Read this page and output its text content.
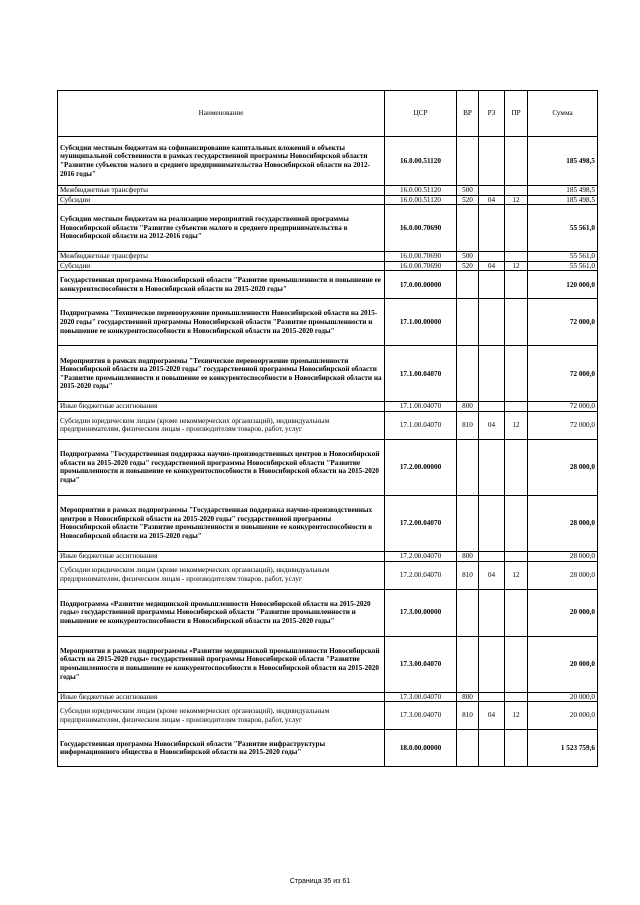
Наименование	ЦСР	ВР	РЗ	ПР	Сумма
Субсидии местным бюджетам на софинансирование капитальных вложений в объекты муниципальной собственности в рамках государственной программы Новосибирской области "Развитие субъектов малого и среднего предпринимательства Новосибирской области на 2012-2016 годы"	16.0.00.51120				185 498,5
Межбюджетные трансферты	16.0.00.51120	500			185 498,5
Субсидии	16.0.00.51120	520	04	12	185 498,5
Субсидии местным бюджетам на реализацию мероприятий государственной программы Новосибирской области "Развитие субъектов малого и среднего предпринимательства в Новосибирской области на 2012-2016 годы"	16.0.00.70690				55 561,0
Межбюджетные трансферты	16.0.00.70690	500			55 561,0
Субсидии	16.0.00.70690	520	04	12	55 561,0
Государственная программа Новосибирской области "Развитие промышленности и повышение ее конкурентоспособности в Новосибирской области на 2015-2020 годы"	17.0.00.00000				120 000,0
Подпрограмма "Техническое перевооружение промышленности Новосибирской области на 2015-2020 годы" государственной программы Новосибирской области "Развитие промышленности и повышение ее конкурентоспособности в Новосибирской области на 2015-2020 годы"	17.1.00.00000				72 000,0
Мероприятия в рамках подпрограммы "Техническое перевооружение промышленности Новосибирской области на 2015-2020 годы" государственной программы Новосибирской области "Развитие промышленности и повышение ее конкурентоспособности в Новосибирской области на 2015-2020 годы"	17.1.00.04070				72 000,0
Иные бюджетные ассигнования	17.1.00.04070	800			72 000,0
Субсидии юридическим лицам (кроме некоммерческих организаций), индивидуальным предпринимателям, физическим лицам - производителям товаров, работ, услуг	17.1.00.04070	810	04	12	72 000,0
Подпрограмма "Государственная поддержка научно-производственных центров в Новосибирской области на 2015-2020 годы" государственной программы Новосибирской области "Развитие промышленности и повышение ее конкурентоспособности в Новосибирской области на 2015-2020 годы"	17.2.00.00000				28 000,0
Мероприятия в рамках подпрограммы "Государственная поддержка научно-производственных центров в Новосибирской области на 2015-2020 годы" государственной программы Новосибирской области "Развитие промышленности и повышение ее конкурентоспособности в Новосибирской области на 2015-2020 годы"	17.2.00.04070				28 000,0
Иные бюджетные ассигнования	17.2.00.04070	800			28 000,0
Субсидии юридическим лицам (кроме некоммерческих организаций), индивидуальным предпринимателям, физическим лицам - производителям товаров, работ, услуг	17.2.00.04070	810	04	12	28 000,0
Подпрограмма «Развитие медицинской промышленности Новосибирской области на 2015-2020 годы» государственной программы Новосибирской области "Развитие промышленности и повышение ее конкурентоспособности в Новосибирской области на 2015-2020 годы"	17.3.00.00000				20 000,0
Мероприятия в рамках подпрограммы «Развитие медицинской промышленности Новосибирской области на 2015-2020 годы» государственной программы Новосибирской области "Развитие промышленности и повышение ее конкурентоспособности в Новосибирской области на 2015-2020 годы"	17.3.00.04070				20 000,0
Иные бюджетные ассигнования	17.3.00.04070	800			20 000,0
Субсидии юридическим лицам (кроме некоммерческих организаций), индивидуальным предпринимателям, физическим лицам - производителям товаров, работ, услуг	17.3.00.04070	810	04	12	20 000,0
Государственная программа Новосибирской области "Развитие инфраструктуры информационного общества в Новосибирской области на 2015-2020 годы"	18.0.00.00000				1 523 759,6
Страница 35 из 61
